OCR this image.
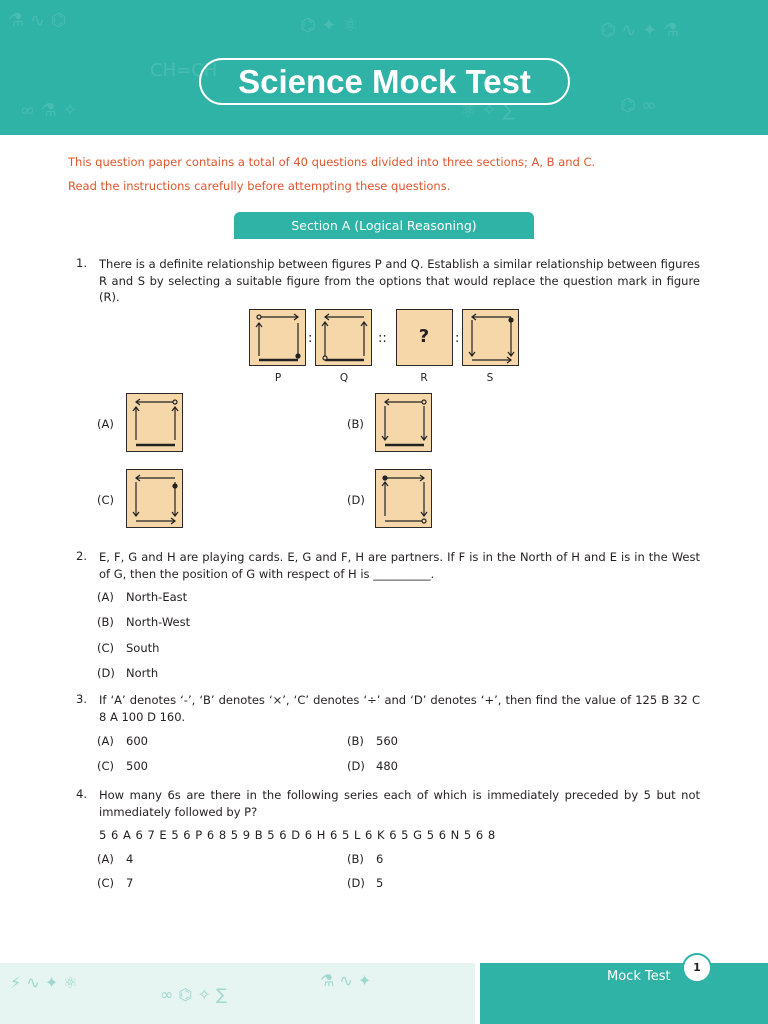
⚗ ∿ ⌬
CH=CH
⌬ ✦ ⚛
⚛ ✧ ∑
⌬ ∿ ✦ ⚗
∞ ⚗ ✧	⌬ ∞
Science Mock Test
This question paper contains a total of 40 questions divided into three sections; A, B and C.
Read the instructions carefully before attempting these questions.
Section A (Logical Reasoning)
1. There is a definite relationship between figures P and Q. Establish a similar relationship between figures R and S by selecting a suitable figure from the options that would replace the question mark in figure (R).
:	::	?	:
P	Q	R	S
(A)	(B)
(C)	(D)
2. E, F, G and H are playing cards. E, G and F, H are partners. If F is in the North of H and E is in the West of G, then the position of G with respect of H is __________.
(A) North-East
(B) North-West
(C) South
(D) North
3. If ‘A’ denotes ‘-’, ‘B’ denotes ‘×’, ‘C’ denotes ‘÷’ and ‘D’ denotes ‘+’, then find the value of 125 B 32 C 8 A 100 D 160.
(A) 600	(B) 560
(C) 500	(D) 480
4. How many 6s are there in the following series each of which is immediately preceded by 5 but not immediately followed by P?
5 6 A 6 7 E 5 6 P 6 8 5 9 B 5 6 D 6 H 6 5 L 6 K 6 5 G 5 6 N 5 6 8
(A) 4	(B) 6
(C) 7	(D) 5
⚡ ∿ ✦ ⚛
∞ ⌬ ✧ ∑
⚗ ∿ ✦	Mock Test
1
